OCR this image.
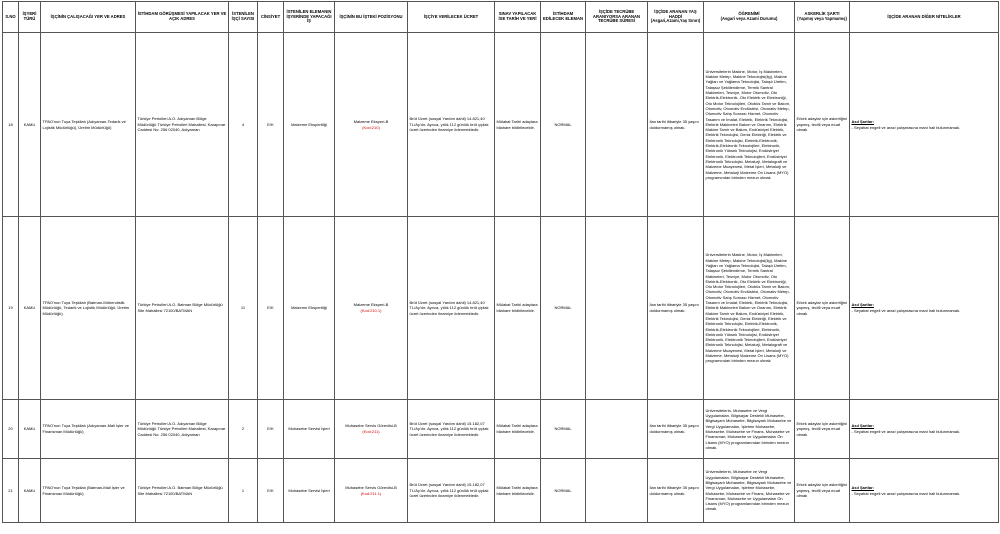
S.NO	İŞYERİ TÜRÜ	İŞÇİNİN ÇALIŞACAĞI YER VE ADRES	İSTİHDAM GÖRÜŞMESİ YAPILACAK YER VE AÇIK ADRES	İSTENİLEN İŞÇİ SAYISI	CİNSİYET	İSTENİLEN ELEMANIN İŞYERİNDE YAPACAĞI İŞ	İŞÇİNİN BU İŞTEKİ POZİSYONU	İŞÇİYE VERİLECEK ÜCRET	SINAV YAPILACAK İSE TARİH VE YERİ	İSTİHDAM EDİLECEK ELEMAN	İŞÇİDE TECRÜBE ARANIYORSA ARANAN TECRÜBE SÜRESİ	İŞÇİDE ARANAN YAŞ HADDİ
(Asgari,Azami,Yaş Sınırı)	ÖĞRENİMİ
(Asgari veya Azami Durumu)	ASKERLİK ŞARTI
(Yapmış veya Yapmamış)	İŞÇİDE ARANAN DİĞER NİTELİKLER
18	KAMU	TPAO'nun Tuya Teşkilatı (Adıyaman-Tedarik ve Lojistik Müdürlüğü), Üretim Müdürlüğü)	Türkiye Petrolleri A.O. Adıyaman Bölge Müdürlüğü Türkiye Petrolleri Mahallesi, Karapınar Caddesi No: 256 02040, Adıyaman	4	E/K	Malzeme Ekspertliği	Malzeme Eksperi-B
(Kod:210)	Brüt Ücret (sosyal Yardım dahil) 14.821,40 TL/Ay'dır. Ayrıca, yıllık 112 günlük brüt çıplak ücret üzerinden ikramiye ödenmektedir.	Mülakat Tarihi adaylara bilahare bildirilecektir.	NORMAL		İlan tarihi itibariyle 35 yaşını doldurmamış olmak.	Üniversitelerin Makine, Motor, İş Makineleri, Makine Metep, Makine Teknolojisi(lig), Makine Yağları ve Yağlama Teknolojisi, Talaşlı Üretim, Talaşsız Şekillendirme, Termik Santral Makineleri, Tesviye, Motor Otomotiv, Oto Elektrik-Elektronik, Oto Elektrik ve Elektroniği, Oto Motor Teknolojileri, Otobüs Tamir ve Bakım, Otomotiv, Otomotiv Endüstrisi, Otomativ Metep, Otomotiv Satış Sonrası Hizmet, Otomotiv Tasarım ve İmalat, Elektrik, Elektrik Teknolojisi, Elektrik Makineleri Bakım ve Onarımı, Elektrik Makine Tamir ve Bakım, Endüstriyel Elektrik, Elektrik Teknolojisi, Deniz Elektriği, Elektrik ve Elektronik Teknolojisi, Elektrik-Elektronik, Elektrik-Elektronik Teknolojileri, Elektronik, Elektronik Yüksek Teknolojisi, Endüstriyel Elektronik, Elektronik Teknolojileri, Endüstriyel Elektronik Teknolojisi, Metalurji, Metalografi ve Malzeme Muayenesi, Metal İşleri, Metalurji ve Malzeme, Metalurji Malzeme Ön Lisans (MYO) programından birinden mezun olmak	Erkek adaylar için askerliğini yapmış, tecilli veya muaf olmak	Asıl Şartlar:
- Seyahat engeli ve arazi çalışmasına mani hali bulunmamak.

19	KAMU	TPAO'nun Tuya Teşkilatı (Batman-Mühendislik Müdürlüğü, Tedarik ve Lojistik Müdürlüğü, Üretim Müdürlüğü)	Türkiye Petrolleri A.O. Batman Bölge Müdürlüğü Site Mahallesi 72100/BATMAN	11	E/K	Malzeme Ekspertliği	Malzeme Eksperi-B
(Kod:210.1)	Brüt Ücret (sosyal Yardım dahil) 14.821,40 TL/Ay'dır. Ayrıca, yıllık 112 günlük brüt çıplak ücret üzerinden ikramiye ödenmektedir.	Mülakat Tarihi adaylara bilahare bildirilecektir.	NORMAL		İlan tarihi itibariyle 35 yaşını doldurmamış olmak.	Üniversitelerin Makine, Motor, İş Makineleri, Makine Metep, Makine Teknolojisi(lig), Makine Yağları ve Yağlama Teknolojisi, Talaşlı Üretim, Talaşsız Şekillendirme, Termik Santral Makineleri, Tesviye, Motor Otomotiv, Oto Elektrik-Elektronik, Oto Elektrik ve Elektroniği, Oto Motor Teknolojileri, Otobüs Tamir ve Bakım, Otomotiv, Otomotiv Endüstrisi, Otomativ Metep, Otomotiv Satış Sonrası Hizmet, Otomotiv Tasarım ve İmalat, Elektrik, Elektrik Teknolojisi, Elektrik Makineleri Bakım ve Onarımı, Elektrik Makine Tamir ve Bakım, Endüstriyel Elektrik, Elektrik Teknolojisi, Deniz Elektriği, Elektrik ve Elektronik Teknolojisi, Elektrik-Elektronik, Elektrik-Elektronik Teknolojileri, Elektronik, Elektronik Yüksek Teknolojisi, Endüstriyel Elektronik, Elektronik Teknolojileri, Endüstriyel Elektronik Teknolojisi, Metalurji, Metalografi ve Malzeme Muayenesi, Metal İşleri, Metalurji ve Malzeme, Metalurji Malzeme Ön Lisans (MYO) programından birinden mezun olmak	Erkek adaylar için askerliğini yapmış, tecilli veya muaf olmak	Asıl Şartlar:
- Seyahat engeli ve arazi çalışmasına mani hali bulunmamak.

20	KAMU	TPAO'nun Tuya Teşkilatı (Adıyaman-Mali İşler ve Finansman Müdürlüğü)	Türkiye Petrolleri A.O. Adıyaman Bölge Müdürlüğü Türkiye Petrolleri Mahallesi, Karapınar Caddesi No: 256 02040, Adıyaman	2	E/K	Muhasebe Servisi İşleri	Muhasebe Servis Görevlisi-B
(Kod:211)	Brüt Ücret (sosyal Yardım dahil) 15.182,07 TL/Ay'dır. Ayrıca, yıllık 112 günlük brüt çıplak ücret üzerinden ikramiye ödenmektedir.	Mülakat Tarihi adaylara bilahare bildirilecektir.	NORMAL		İlan tarihi itibariyle 35 yaşını doldurmamış olmak.	Üniversitelerin, Muhasebe ve Vergi Uygulamaları, Bilgisayar Destekli Muhasebe, Bilgisayarlı Muhasebe, Bilgisayarlı Muhasebe ve Vergi Uygulamaları, İşletme Muhasebe, Muhasebe, Muhasebe ve Finans, Muhasebe ve Finansman, Muhasebe ve Uygulamaları Ön Lisans (MYO) programlarından birinden mezun olmak.	Erkek adaylar için askerliğini yapmış, tecilli veya muaf olmak	Asıl Şartlar:
- Seyahat engeli ve arazi çalışmasına mani hali bulunmamak.

21	KAMU	TPAO'nun Tuya Teşkilatı (Batman-Mali İşler ve Finansman Müdürlüğü)	Türkiye Petrolleri A.O. Batman Bölge Müdürlüğü Site Mahallesi 72100/BATMAN	1	E/K	Muhasebe Servisi İşleri	Muhasebe Servis Görevlisi-B
(Kod:211.1)	Brüt Ücret (sosyal Yardım dahil) 15.182,07 TL/Ay'dır. Ayrıca, yıllık 112 günlük brüt çıplak ücret üzerinden ikramiye ödenmektedir.	Mülakat Tarihi adaylara bilahare bildirilecektir.	NORMAL		İlan tarihi itibariyle 35 yaşını doldurmamış olmak.	Üniversitelerin, Muhasebe ve Vergi Uygulamaları, Bilgisayar Destekli Muhasebe, Bilgisayarlı Muhasebe, Bilgisayarlı Muhasebe ve Vergi Uygulamaları, İşletme Muhasebe, Muhasebe, Muhasebe ve Finans, Muhasebe ve Finansman, Muhasebe ve Uygulamaları Ön Lisans (MYO) programlarından birinden mezun olmak.	Erkek adaylar için askerliğini yapmış, tecilli veya muaf olmak	Asıl Şartlar:
- Seyahat engeli ve arazi çalışmasına mani hali bulunmamak.
